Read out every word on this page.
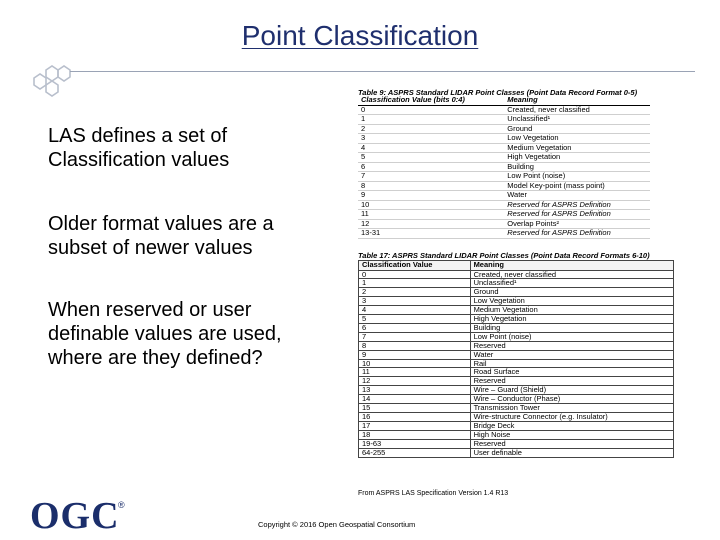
Point Classification
LAS defines a set of Classification values
Older format values are a subset of newer values
When reserved or user definable values are used, where are they defined?
Table 9: ASPRS Standard LIDAR Point Classes (Point Data Record Format 0-5)
Classification Value (bits 0:4)	Meaning
0	Created, never classified
1	Unclassified¹
2	Ground
3	Low Vegetation
4	Medium Vegetation
5	High Vegetation
6	Building
7	Low Point (noise)
8	Model Key-point (mass point)
9	Water
10	Reserved for ASPRS Definition
11	Reserved for ASPRS Definition
12	Overlap Points²
13-31	Reserved for ASPRS Definition
Table 17: ASPRS Standard LIDAR Point Classes (Point Data Record Formats 6-10)
Classification Value	Meaning
0	Created, never classified
1	Unclassified¹
2	Ground
3	Low Vegetation
4	Medium Vegetation
5	High Vegetation
6	Building
7	Low Point (noise)
8	Reserved
9	Water
10	Rail
11	Road Surface
12	Reserved
13	Wire – Guard (Shield)
14	Wire – Conductor (Phase)
15	Transmission Tower
16	Wire-structure Connector (e.g. Insulator)
17	Bridge Deck
18	High Noise
19-63	Reserved
64-255	User definable
From ASPRS LAS Specification Version 1.4 R13
OGC
®
Copyright © 2016 Open Geospatial Consortium
